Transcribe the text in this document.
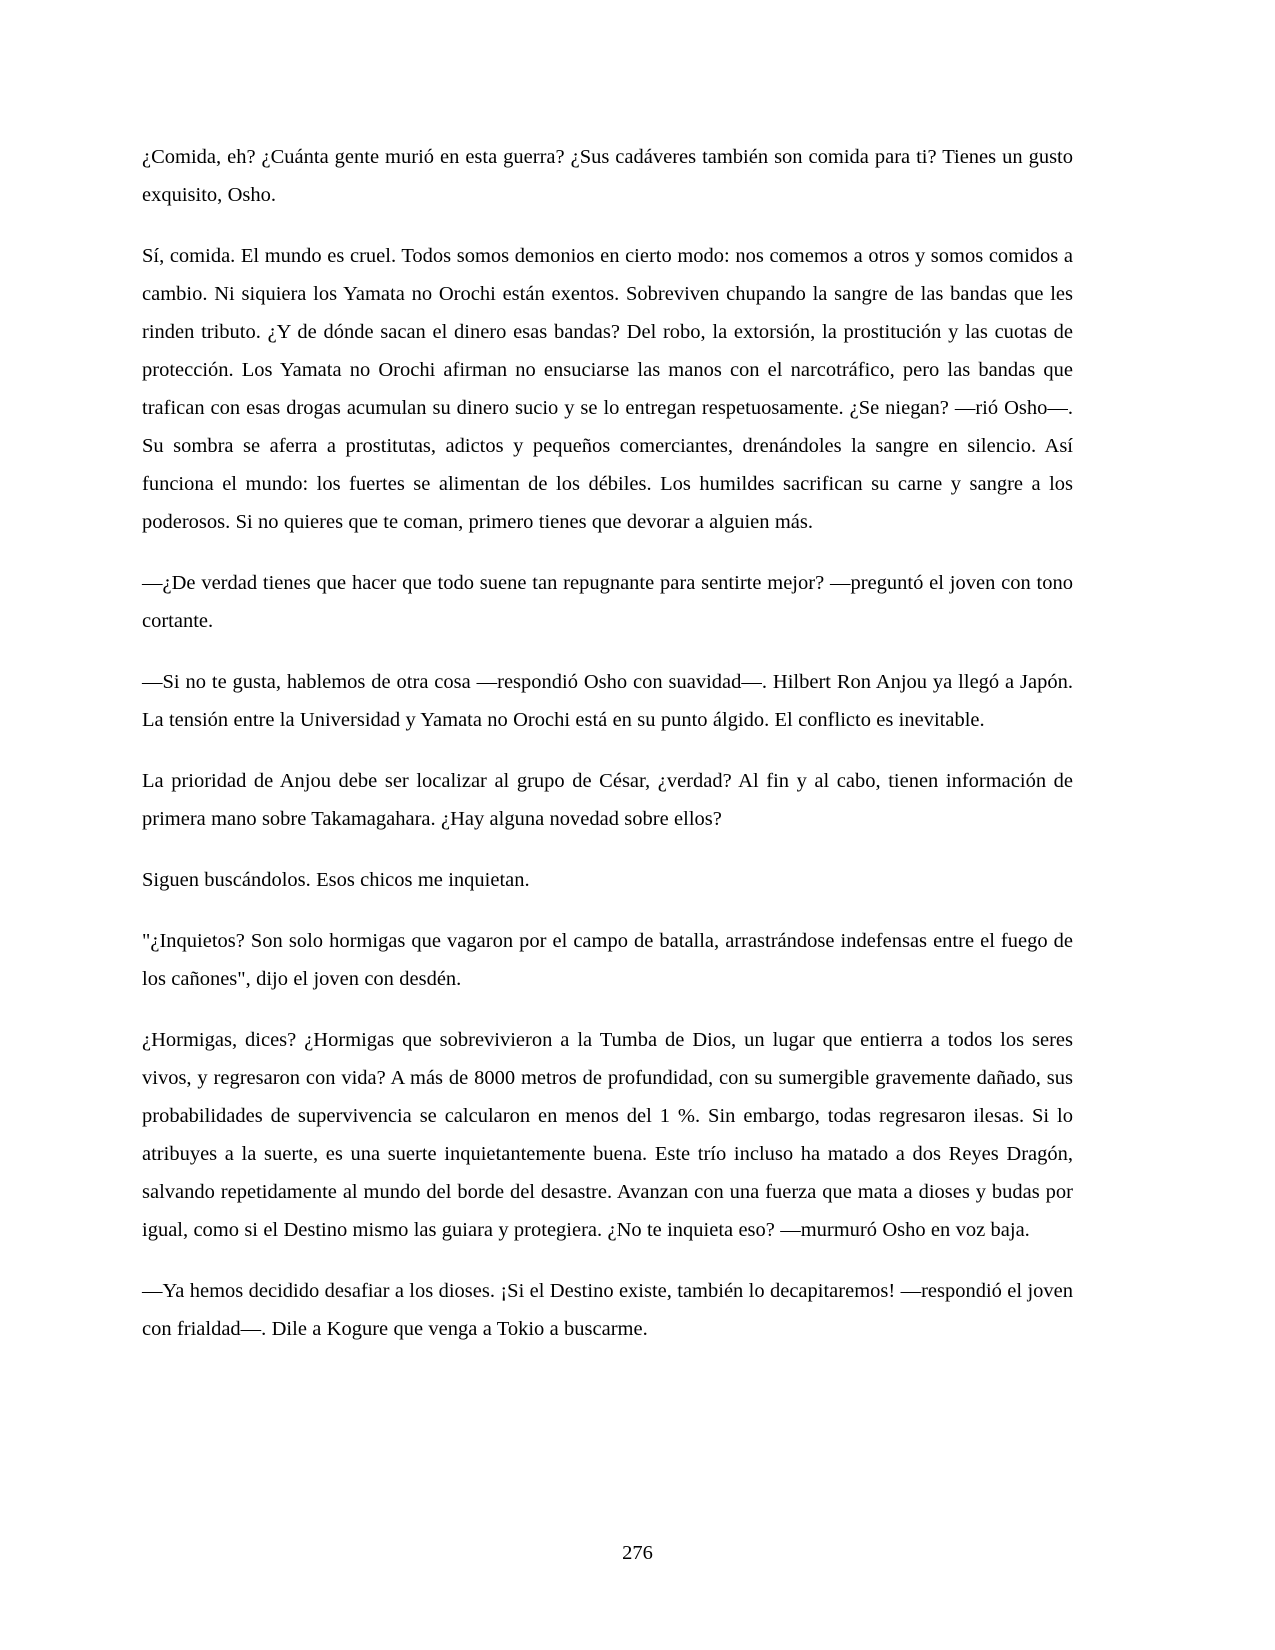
¿Comida, eh? ¿Cuánta gente murió en esta guerra? ¿Sus cadáveres también son comida para ti? Tienes un gusto exquisito, Osho.

Sí, comida. El mundo es cruel. Todos somos demonios en cierto modo: nos comemos a otros y somos comidos a cambio. Ni siquiera los Yamata no Orochi están exentos. Sobreviven chupando la sangre de las bandas que les rinden tributo. ¿Y de dónde sacan el dinero esas bandas? Del robo, la extorsión, la prostitución y las cuotas de protección. Los Yamata no Orochi afirman no ensuciarse las manos con el narcotráfico, pero las bandas que trafican con esas drogas acumulan su dinero sucio y se lo entregan respetuosamente. ¿Se niegan? —rió Osho—. Su sombra se aferra a prostitutas, adictos y pequeños comerciantes, drenándoles la sangre en silencio. Así funciona el mundo: los fuertes se alimentan de los débiles. Los humildes sacrifican su carne y sangre a los poderosos. Si no quieres que te coman, primero tienes que devorar a alguien más.

—¿De verdad tienes que hacer que todo suene tan repugnante para sentirte mejor? —preguntó el joven con tono cortante.

—Si no te gusta, hablemos de otra cosa —respondió Osho con suavidad—. Hilbert Ron Anjou ya llegó a Japón. La tensión entre la Universidad y Yamata no Orochi está en su punto álgido. El conflicto es inevitable.

La prioridad de Anjou debe ser localizar al grupo de César, ¿verdad? Al fin y al cabo, tienen información de primera mano sobre Takamagahara. ¿Hay alguna novedad sobre ellos?

Siguen buscándolos. Esos chicos me inquietan.

"¿Inquietos? Son solo hormigas que vagaron por el campo de batalla, arrastrándose indefensas entre el fuego de los cañones", dijo el joven con desdén.

¿Hormigas, dices? ¿Hormigas que sobrevivieron a la Tumba de Dios, un lugar que entierra a todos los seres vivos, y regresaron con vida? A más de 8000 metros de profundidad, con su sumergible gravemente dañado, sus probabilidades de supervivencia se calcularon en menos del 1 %. Sin embargo, todas regresaron ilesas. Si lo atribuyes a la suerte, es una suerte inquietantemente buena. Este trío incluso ha matado a dos Reyes Dragón, salvando repetidamente al mundo del borde del desastre. Avanzan con una fuerza que mata a dioses y budas por igual, como si el Destino mismo las guiara y protegiera. ¿No te inquieta eso? —murmuró Osho en voz baja.

—Ya hemos decidido desafiar a los dioses. ¡Si el Destino existe, también lo decapitaremos! —respondió el joven con frialdad—. Dile a Kogure que venga a Tokio a buscarme.

276
